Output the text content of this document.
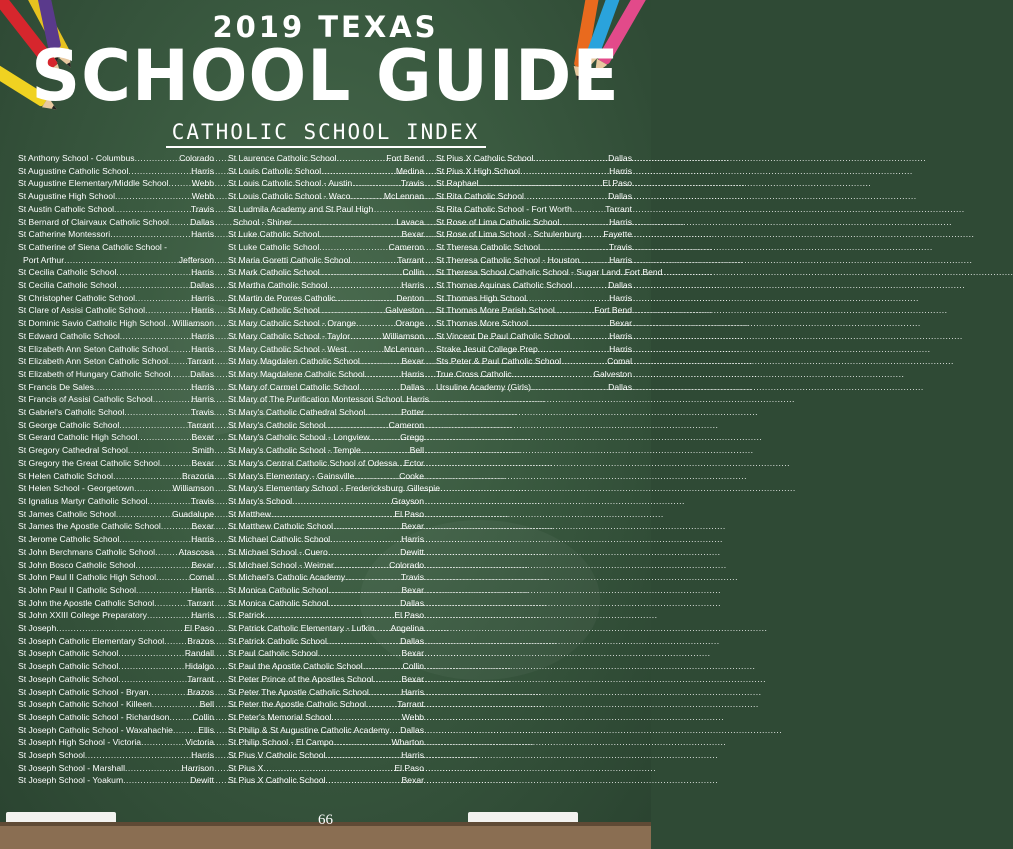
2019 TEXAS
SCHOOL GUIDE
CATHOLIC SCHOOL INDEX
St Anthony School - Columbus .....	Colorado
St Augustine Catholic School .....	Harris
St Augustine Elementary/Middle School .....	Webb
St Augustine High School .....	Webb
St Austin Catholic School .....	Travis
St Bernard of Clairvaux Catholic School ..... Dallas
St Catherine Montessori .....	Harris
St Catherine of Siena Catholic School -
Port Arthur .....	Jefferson
St Cecilia Catholic School .....	Harris
St Cecilia Catholic School .....	Dallas
St Christopher Catholic School .....	Harris
St Clare of Assisi Catholic School .....	Harris
St Dominic Savio Catholic High School ..... Williamson
St Edward Catholic School .....	Harris
St Elizabeth Ann Seton Catholic School .....	Harris
St Elizabeth Ann Seton Catholic School ..... Tarrant
St Elizabeth of Hungary Catholic School ..... Dallas
St Francis De Sales .....	Harris
St Francis of Assisi Catholic School .....	Harris
St Gabriel's Catholic School .....	Travis
St George Catholic School .....	Tarrant
St Gerard Catholic High School .....	Bexar
St Gregory Cathedral School .....	Smith
St Gregory the Great Catholic School .....	Bexar
St Helen Catholic School .....	Brazoria
St Helen School - Georgetown .....	Williamson
St Ignatius Martyr Catholic School .....	Travis
St James Catholic School .....	Guadalupe
St James the Apostle Catholic School .....	Bexar
St Jerome Catholic School .....	Harris
St John Berchmans Catholic School .....	Atascosa
St John Bosco Catholic School .....	Bexar
St John Paul II Catholic High School .....	Comal
St John Paul II Catholic School .....	Harris
St John the Apostle Catholic School .....	Tarrant
St John XXIII College Preparatory .....	Harris
St Joseph .....	El Paso
St Joseph Catholic Elementary School .....	Brazos
St Joseph Catholic School .....	Randall
St Joseph Catholic School .....	Hidalgo
St Joseph Catholic School .....	Tarrant
St Joseph Catholic School - Bryan .....	Brazos
St Joseph Catholic School - Killeen .....	Bell
St Joseph Catholic School - Richardson .....	Collin
St Joseph Catholic School - Waxahachie .....	Ellis
St Joseph High School - Victoria .....	Victoria
St Joseph School .....	Harris
St Joseph School - Marshall .....	Harrison
St Joseph School - Yoakum .....	Dewitt
St Laurence Catholic School .....	Fort Bend
St Louis Catholic School .....	Medina
St Louis Catholic School - Austin .....	Travis
St Louis Catholic School - Waco .....	McLennan
St Ludmila Academy and St Paul High
School - Shiner .....	Lavaca
St Luke Catholic School .....	Bexar
St Luke Catholic School .....	Cameron
St Maria Goretti Catholic School .....	Tarrant
St Mark Catholic School .....	Collin
St Martha Catholic School .....	Harris
St Martin de Porres Catholic .....	Denton
St Mary Catholic School .....	Galveston
St Mary Catholic School - Orange .....	Orange
St Mary Catholic School - Taylor .....	Williamson
St Mary Catholic School - West .....	McLennan
St Mary Magdalen Catholic School .....	Bexar
St Mary Magdalene Catholic School .....	Harris
St Mary of Carmel Catholic School .....	Dallas
St Mary of The Purification Montessori School ..... Harris
St Mary's Catholic Cathedral School .....	Potter
St Mary's Catholic School .....	Cameron
St Mary's Catholic School - Longview .....	Gregg
St Mary's Catholic School - Temple .....	Bell
St Mary's Central Catholic School of Odessa ..... Ector
St Mary's Elementary - Gainsville .....	Cooke
St Mary's Elementary School - Fredericksburg ..... Gillespie
St Mary's School .....	Grayson
St Matthew .....	El Paso
St Matthew Catholic School .....	Bexar
St Michael Catholic School .....	Harris
St Michael School - Cuero .....	Dewitt
St Michael School - Weimar .....	Colorado
St Michael's Catholic Academy .....	Travis
St Monica Catholic School .....	Bexar
St Monica Catholic School .....	Dallas
St Patrick .....	El Paso
St Patrick Catholic Elementary - Lufkin ..... Angelina
St Patrick Catholic School .....	Dallas
St Paul Catholic School .....	Bexar
St Paul the Apostle Catholic School .....	Collin
St Peter Prince of the Apostles School .....	Bexar
St Peter The Apostle Catholic School .....	Harris
St Peter the Apostle Catholic School .....	Tarrant
St Peter's Memorial School .....	Webb
St Philip & St Augustine Catholic Academy ..... Dallas
St Philip School - El Campo .....	Wharton
St Pius V Catholic School .....	Harris
St Pius X .....	El Paso
St Pius X Catholic School .....	Bexar
St Pius X Catholic School .....	Dallas
St Pius X High School .....	Harris
St Raphael .....	El Paso
St Rita Catholic School .....	Dallas
St Rita Catholic School - Fort Worth .....	Tarrant
St Rose of Lima Catholic School .....	Harris
St Rose of Lima School - Schulenburg .....	Fayette
St Theresa Catholic School .....	Travis
St Theresa Catholic School - Houston .....	Harris
St Theresa School Catholic School - Sugar Land ..... Fort Bend
St Thomas Aquinas Catholic School .....	Dallas
St Thomas High School .....	Harris
St Thomas More Parish School .....	Fort Bend
St Thomas More School .....	Bexar
St Vincent De Paul Catholic School .....	Harris
Strake Jesuit College Prep .....	Harris
Sts Peter & Paul Catholic School .....	Comal
True Cross Catholic .....	Galveston
Ursuline Academy (Girls) .....	Dallas
66
